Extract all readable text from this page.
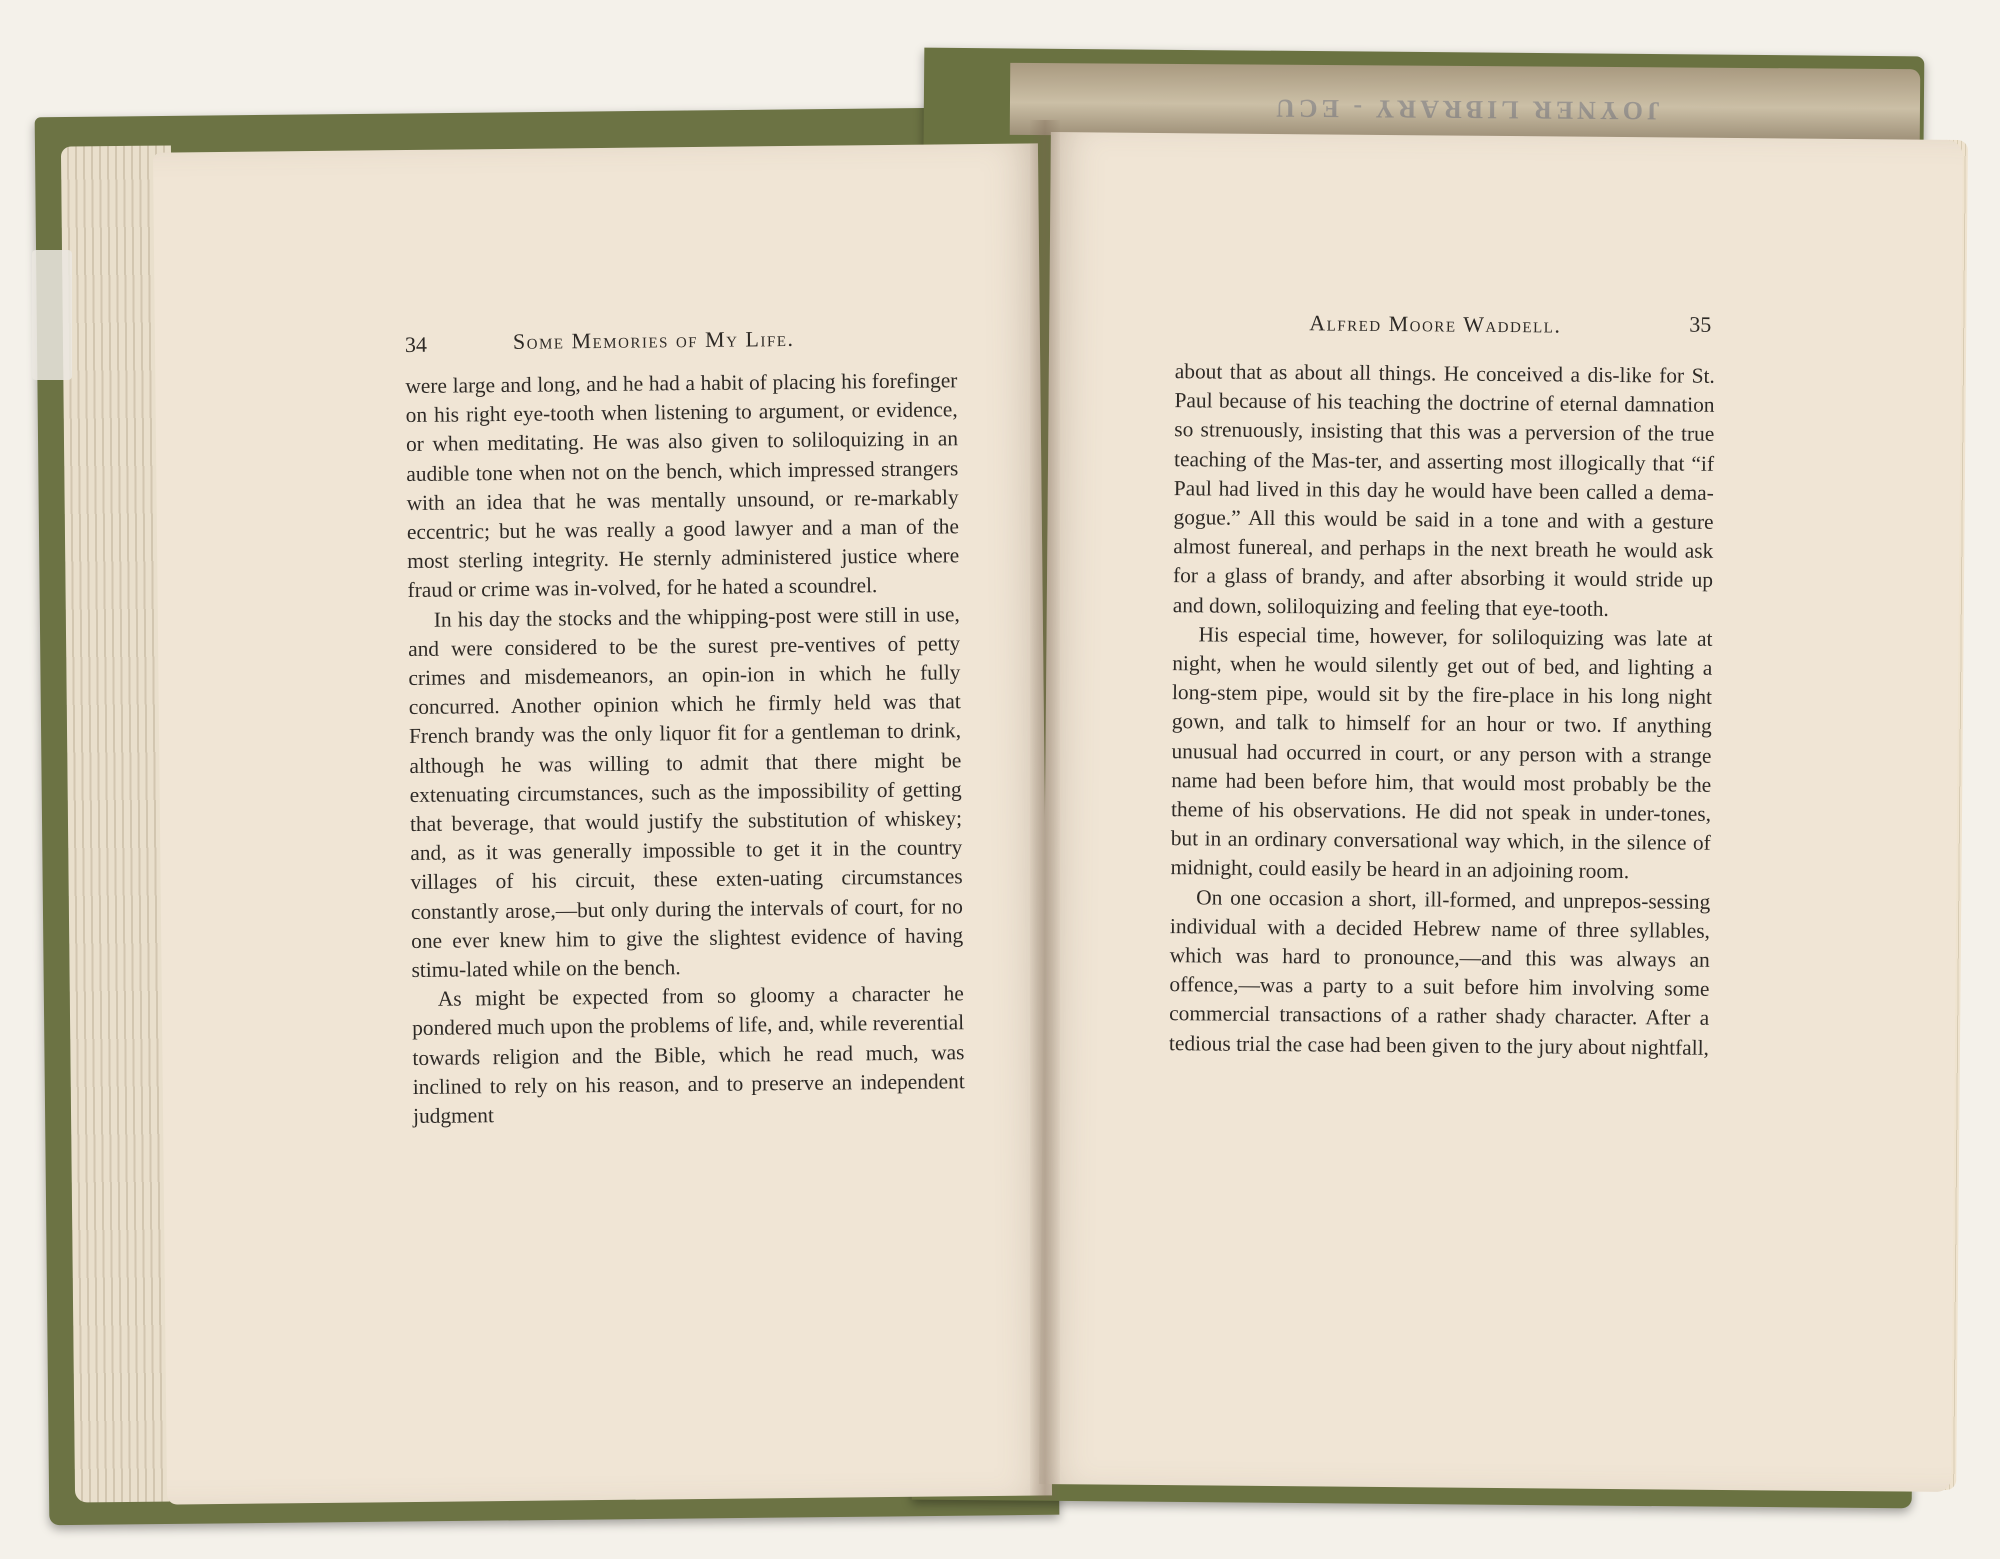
JOYNER LIBRARY - ECU
34	Some Memories of My Life.

were large and long, and he had a habit of placing his forefinger on his right eye-tooth when listening to argument, or evidence, or when meditating. He was also given to soliloquizing in an audible tone when not on the bench, which impressed strangers with an idea that he was mentally unsound, or re-markably eccentric; but he was really a good lawyer and a man of the most sterling integrity. He sternly administered justice where fraud or crime was in-volved, for he hated a scoundrel.

In his day the stocks and the whipping-post were still in use, and were considered to be the surest pre-ventives of petty crimes and misdemeanors, an opin-ion in which he fully concurred. Another opinion which he firmly held was that French brandy was the only liquor fit for a gentleman to drink, although he was willing to admit that there might be extenuating circumstances, such as the impossibility of getting that beverage, that would justify the substitution of whiskey; and, as it was generally impossible to get it in the country villages of his circuit, these exten-uating circumstances constantly arose,—but only during the intervals of court, for no one ever knew him to give the slightest evidence of having stimu-lated while on the bench.

As might be expected from so gloomy a character he pondered much upon the problems of life, and, while reverential towards religion and the Bible, which he read much, was inclined to rely on his reason, and to preserve an independent judgment

Alfred Moore Waddell.	35

about that as about all things. He conceived a dis-like for St. Paul because of his teaching the doctrine of eternal damnation so strenuously, insisting that this was a perversion of the true teaching of the Mas-ter, and asserting most illogically that “if Paul had lived in this day he would have been called a dema-gogue.” All this would be said in a tone and with a gesture almost funereal, and perhaps in the next breath he would ask for a glass of brandy, and after absorbing it would stride up and down, soliloquizing and feeling that eye-tooth.

His especial time, however, for soliloquizing was late at night, when he would silently get out of bed, and lighting a long-stem pipe, would sit by the fire-place in his long night gown, and talk to himself for an hour or two. If anything unusual had occurred in court, or any person with a strange name had been before him, that would most probably be the theme of his observations. He did not speak in under-tones, but in an ordinary conversational way which, in the silence of midnight, could easily be heard in an adjoining room.

On one occasion a short, ill-formed, and unprepos-sessing individual with a decided Hebrew name of three syllables, which was hard to pronounce,—and this was always an offence,—was a party to a suit before him involving some commercial transactions of a rather shady character. After a tedious trial the case had been given to the jury about nightfall,
